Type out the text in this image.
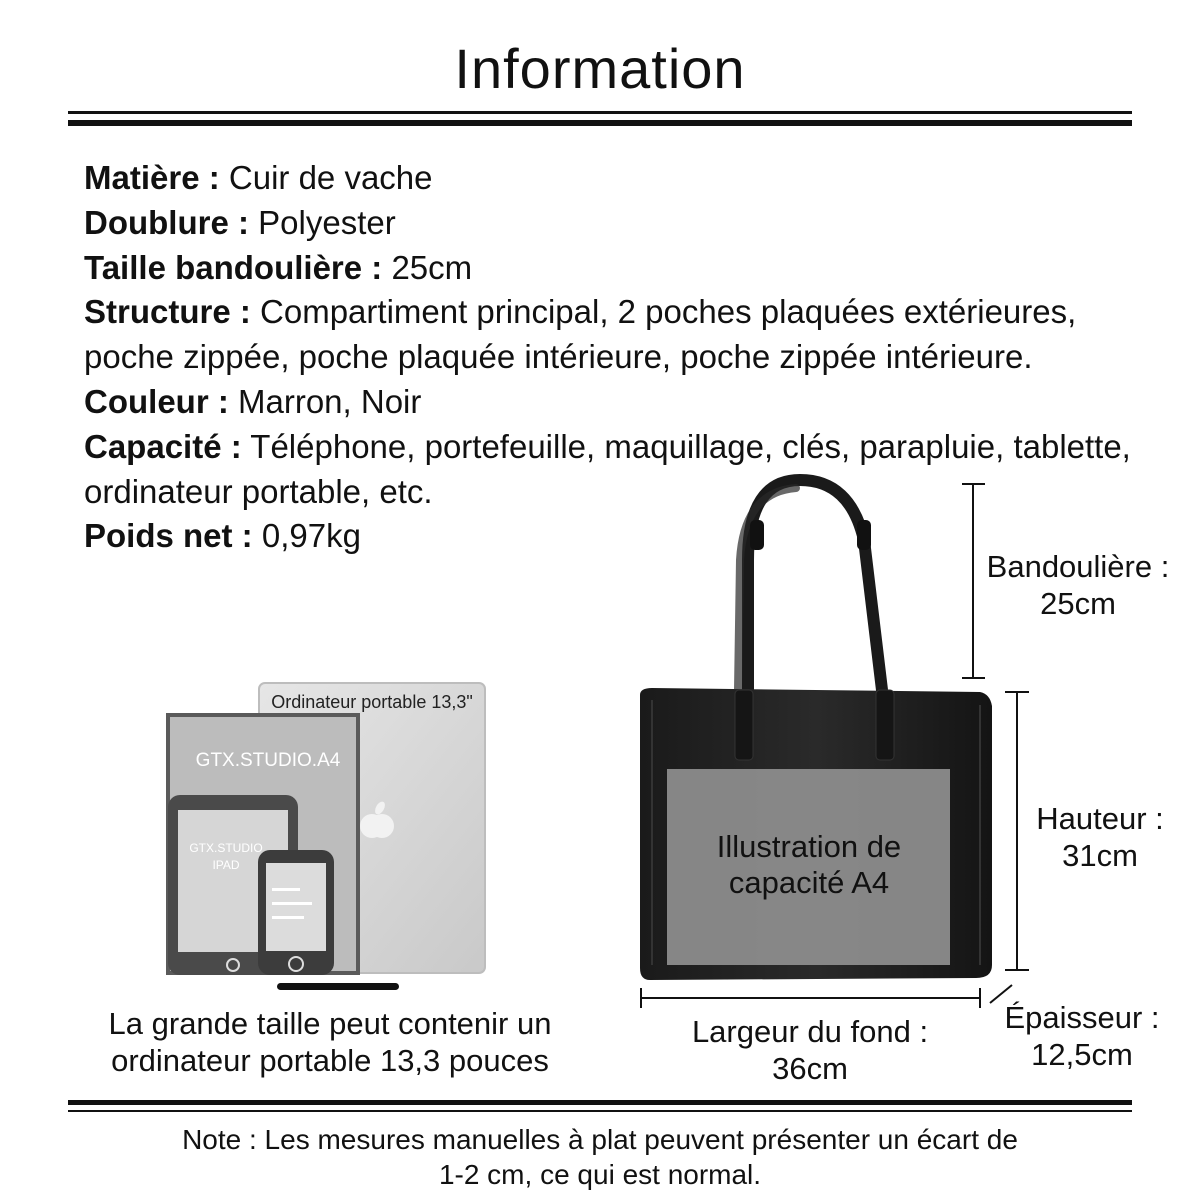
Information
Matière : Cuir de vache
Doublure : Polyester
Taille bandoulière : 25cm
Structure : Compartiment principal, 2 poches plaquées extérieures,
poche zippée, poche plaquée intérieure, poche zippée intérieure.
Couleur : Marron, Noir
Capacité : Téléphone, portefeuille, maquillage, clés, parapluie, tablette,
ordinateur portable, etc.
Poids net : 0,97kg
Ordinateur portable 13,3"
GTX.STUDIO.A4
GTX.STUDIO
IPAD
Illustration de
capacité A4
Bandoulière :
25cm
Hauteur :
31cm
Largeur du fond :
36cm
Épaisseur :
12,5cm
La grande taille peut contenir un
ordinateur portable 13,3 pouces
Note : Les mesures manuelles à plat peuvent présenter un écart de
1-2 cm, ce qui est normal.
